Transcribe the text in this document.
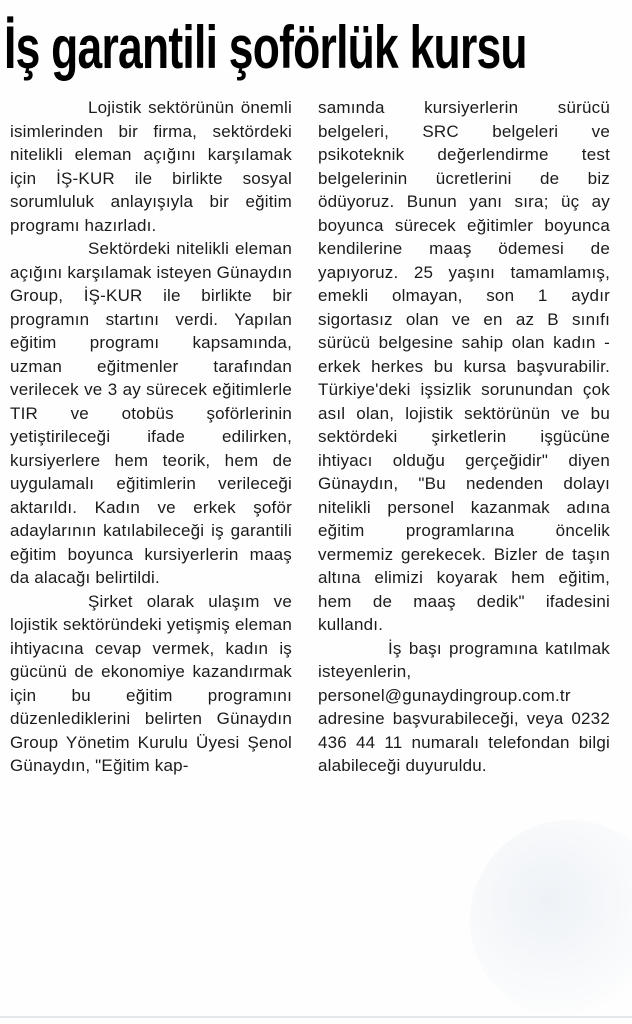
İş garantili şoförlük kursu

Lojistik sektörünün önemli isimlerinden bir firma, sektördeki nitelikli eleman açığını karşılamak için İŞ-KUR ile birlikte sosyal sorumluluk anlayışıyla bir eğitim programı hazırladı.

Sektördeki nitelikli eleman açığını karşılamak isteyen Günaydın Group, İŞ-KUR ile birlikte bir programın startını verdi. Yapılan eğitim programı kapsamında, uzman eğitmenler tarafından verilecek ve 3 ay sürecek eğitimlerle TIR ve otobüs şoförlerinin yetiştirileceği ifade edilirken, kursiyerlere hem teorik, hem de uygulamalı eğitimlerin verileceği aktarıldı. Kadın ve erkek şoför adaylarının katılabileceği iş garantili eğitim boyunca kursiyerlerin maaş da alacağı belirtildi.

Şirket olarak ulaşım ve lojistik sektöründeki yetişmiş eleman ihtiyacına cevap vermek, kadın iş gücünü de ekonomiye kazandırmak için bu eğitim programını düzenlediklerini belirten Günaydın Group Yönetim Kurulu Üyesi Şenol Günaydın, "Eğitim kap-

samında kursiyerlerin sürücü belgeleri, SRC belgeleri ve psikoteknik değerlendirme test belgelerinin ücretlerini de biz ödüyoruz. Bunun yanı sıra; üç ay boyunca sürecek eğitimler boyunca kendilerine maaş ödemesi de yapıyoruz. 25 yaşını tamamlamış, emekli olmayan, son 1 aydır sigortasız olan ve en az B sınıfı sürücü belgesine sahip olan kadın - erkek herkes bu kursa başvurabilir. Türkiye'deki işsizlik sorunundan çok asıl olan, lojistik sektörünün ve bu sektördeki şirketlerin işgücüne ihtiyacı olduğu gerçeğidir" diyen Günaydın, "Bu nedenden dolayı nitelikli personel kazanmak adına eğitim programlarına öncelik vermemiz gerekecek. Bizler de taşın altına elimizi koyarak hem eğitim, hem de maaş dedik" ifadesini kullandı.

İş başı programına katılmak isteyenlerin, personel@gunaydingroup.com.tr adresine başvurabileceği, veya 0232 436 44 11 numaralı telefondan bilgi alabileceği duyuruldu.
